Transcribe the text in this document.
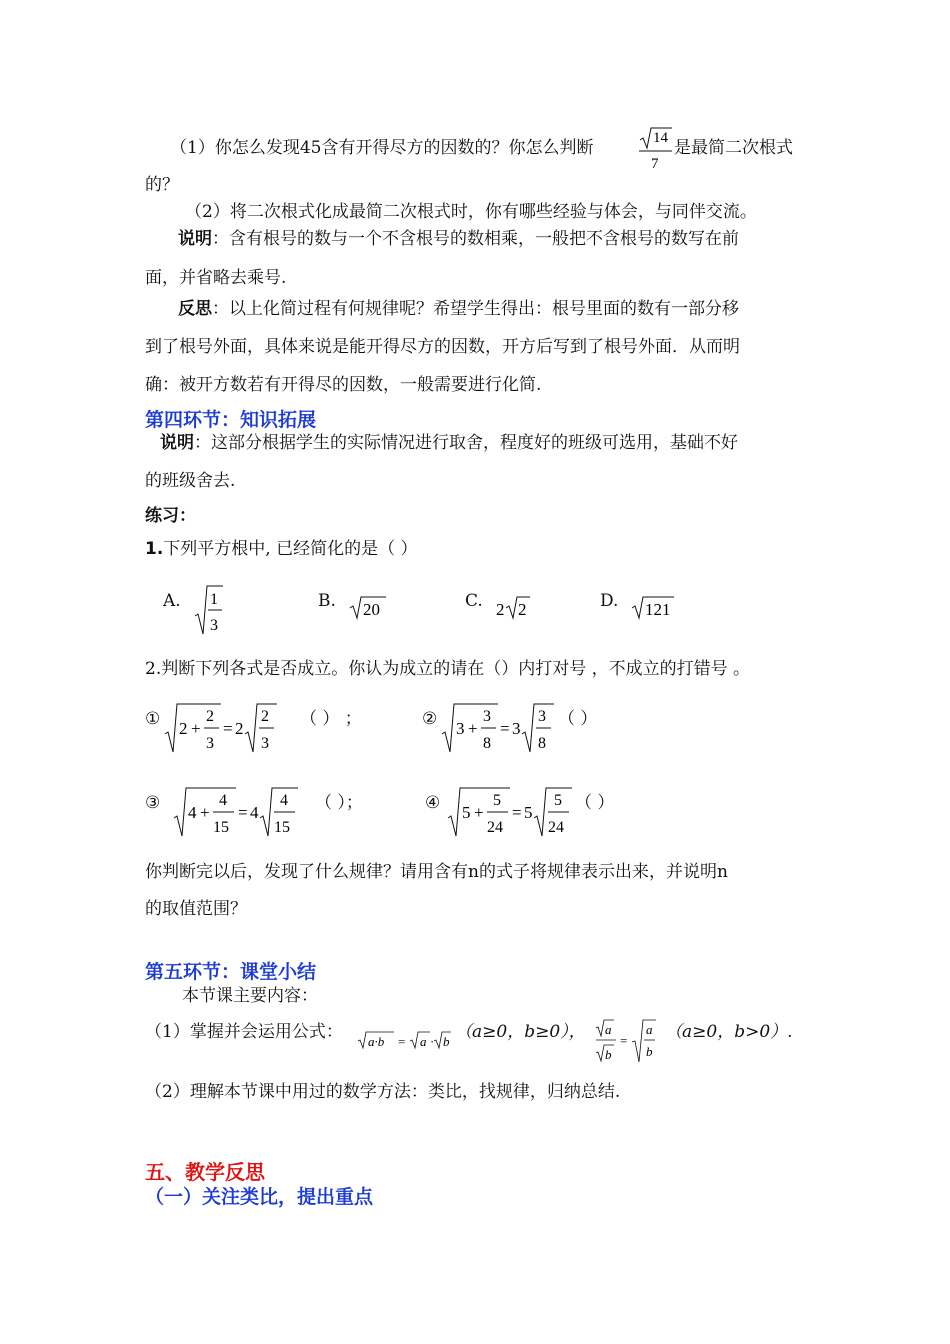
（1）你怎么发现45含有开得尽方的因数的？你怎么判断	14
7
是最简二次根式
的？
（2）将二次根式化成最简二次根式时，你有哪些经验与体会，与同伴交流。
说明：含有根号的数与一个不含根号的数相乘，一般把不含根号的数写在前
面，并省略去乘号.
反思：以上化简过程有何规律呢？希望学生得出：根号里面的数有一部分移
到了根号外面，具体来说是能开得尽方的因数，开方后写到了根号外面．从而明
确：被开方数若有开得尽的因数，一般需要进行化简.
第四环节：知识拓展
说明：这部分根据学生的实际情况进行取舍，程度好的班级可选用，基础不好
的班级舍去.
练习：
1.下列平方根中, 已经简化的是（ ）
A. 1
3
B. 20	C. 2 2	D. 121
2.判断下列各式是否成立。你认为成立的请在（）内打对号 ，不成立的打错号 。
① 2 +
2
3
= 2
2
3
（ ） ；	② 3 +
3
8
= 3
3
8
（ ）
③ 4 +
4
15
= 4
4
15
（ ）；	④ 5 +
5
24
= 5
5
24
（ ）
你判断完以后，发现了什么规律？请用含有n的式子将规律表示出来，并说明n
的取值范围？
第五环节：课堂小结
本节课主要内容：
（1）掌握并会运用公式： a·b = a · b （a≥0，b≥0）， a
b
=
a
b
（a≥0，b>0）.
（2）理解本节课中用过的数学方法：类比，找规律，归纳总结.
五、教学反思
（一）关注类比，提出重点
